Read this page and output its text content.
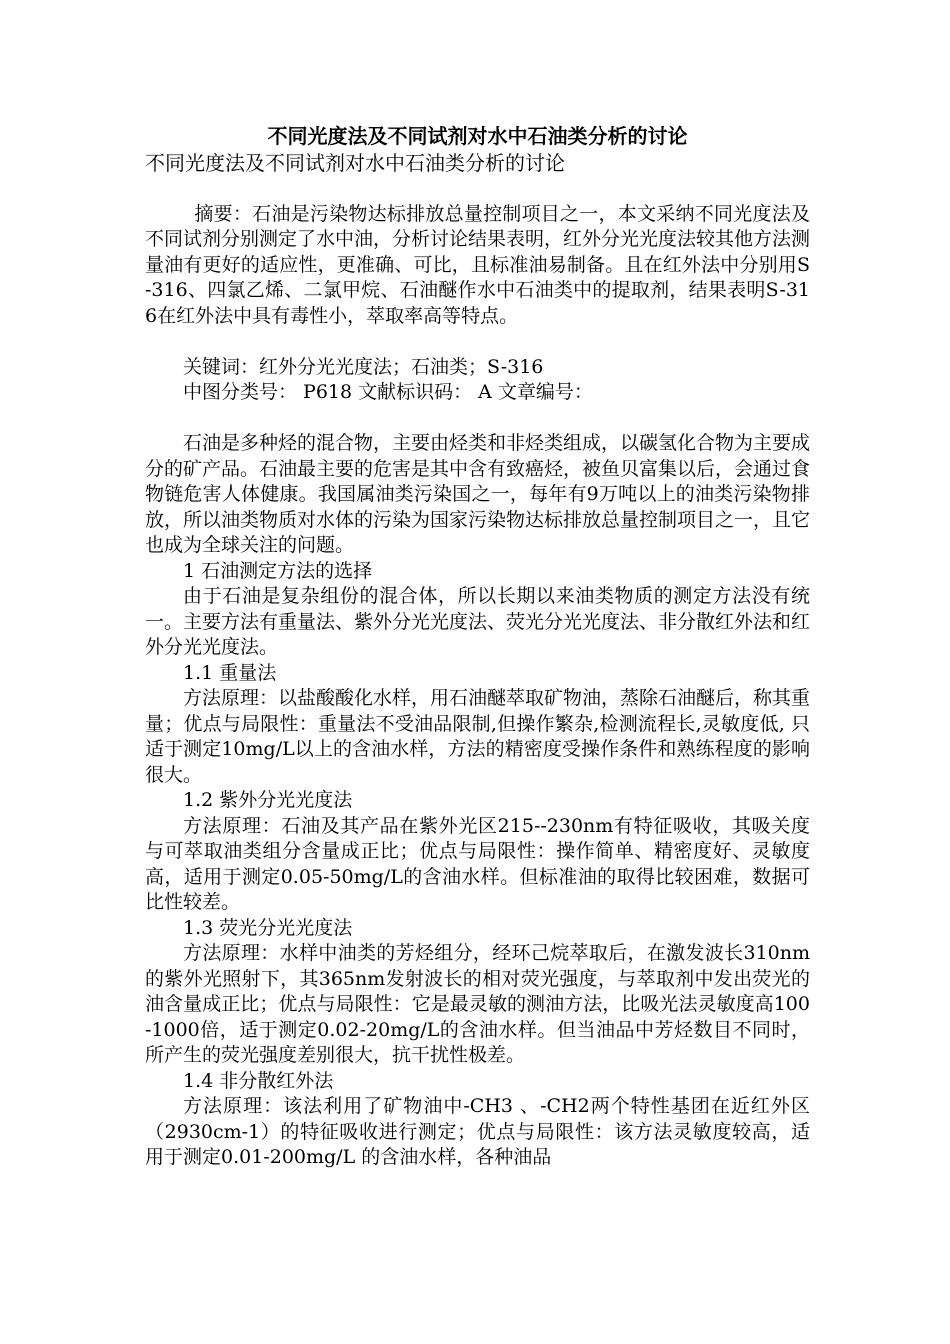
不同光度法及不同试剂对水中石油类分析的讨论

不同光度法及不同试剂对水中石油类分析的讨论

摘要：石油是污染物达标排放总量控制项目之一，本文采纳不同光度法及不同试剂分别测定了水中油，分析讨论结果表明，红外分光光度法较其他方法测量油有更好的适应性，更准确、可比，且标准油易制备。且在红外法中分别用S-316、四氯乙烯、二氯甲烷、石油醚作水中石油类中的提取剂，结果表明S-316在红外法中具有毒性小，萃取率高等特点。

关键词：红外分光光度法；石油类；S-316

中图分类号： P618 文献标识码： A 文章编号：

石油是多种烃的混合物，主要由烃类和非烃类组成，以碳氢化合物为主要成分的矿产品。石油最主要的危害是其中含有致癌烃，被鱼贝富集以后，会通过食物链危害人体健康。我国属油类污染国之一，每年有9万吨以上的油类污染物排放，所以油类物质对水体的污染为国家污染物达标排放总量控制项目之一，且它也成为全球关注的问题。

1 石油测定方法的选择

由于石油是复杂组份的混合体，所以长期以来油类物质的测定方法没有统一。主要方法有重量法、紫外分光光度法、荧光分光光度法、非分散红外法和红外分光光度法。

1.1 重量法

方法原理：以盐酸酸化水样，用石油醚萃取矿物油，蒸除石油醚后，称其重量；优点与局限性：重量法不受油品限制,但操作繁杂,检测流程长,灵敏度低, 只适于测定10mg/L以上的含油水样，方法的精密度受操作条件和熟练程度的影响很大。

1.2 紫外分光光度法

方法原理：石油及其产品在紫外光区215--230nm有特征吸收，其吸关度与可萃取油类组分含量成正比；优点与局限性：操作简单、精密度好、灵敏度高，适用于测定0.05-50mg/L的含油水样。但标准油的取得比较困难，数据可比性较差。

1.3 荧光分光光度法

方法原理：水样中油类的芳烃组分，经环己烷萃取后，在激发波长310nm的紫外光照射下，其365nm发射波长的相对荧光强度，与萃取剂中发出荧光的油含量成正比；优点与局限性：它是最灵敏的测油方法，比吸光法灵敏度高100-1000倍，适于测定0.02-20mg/L的含油水样。但当油品中芳烃数目不同时，所产生的荧光强度差别很大，抗干扰性极差。

1.4 非分散红外法

方法原理：该法利用了矿物油中-CH3 、-CH2两个特性基团在近红外区（2930cm-1）的特征吸收进行测定；优点与局限性：该方法灵敏度较高，适用于测定0.01-200mg/L 的含油水样，各种油品
